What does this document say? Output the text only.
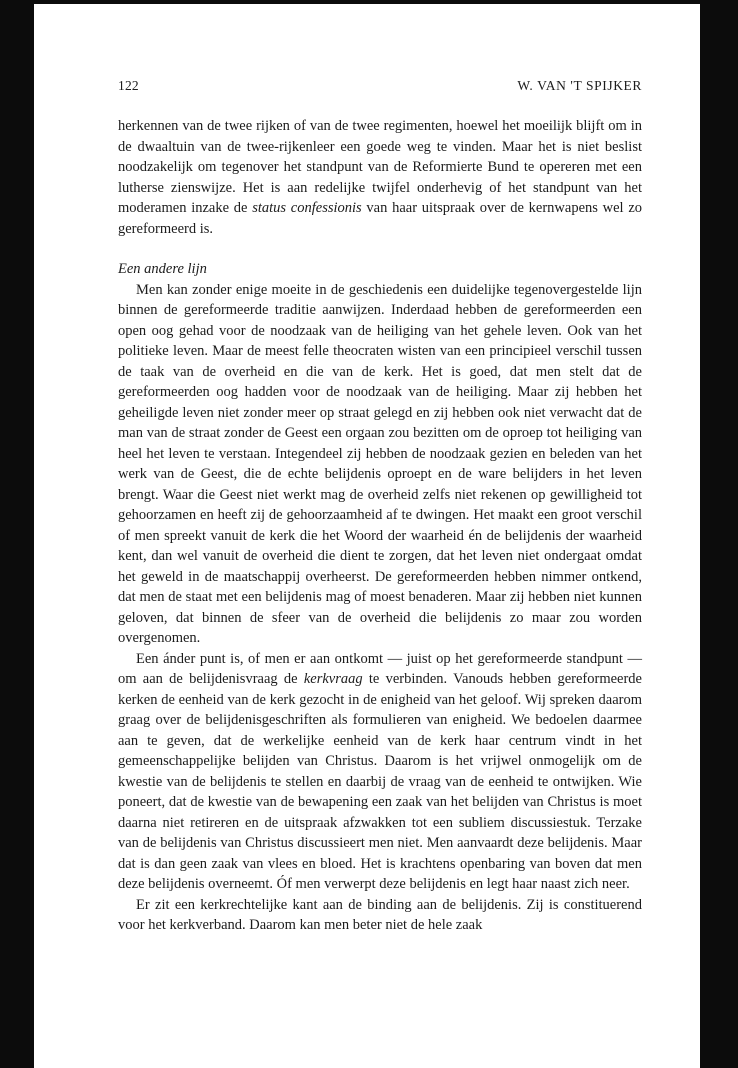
122	W. VAN 'T SPIJKER

herkennen van de twee rijken of van de twee regimenten, hoewel het moeilijk blijft om in de dwaaltuin van de twee-rijkenleer een goede weg te vinden. Maar het is niet beslist noodzakelijk om tegenover het standpunt van de Reformierte Bund te opereren met een lutherse zienswijze. Het is aan redelijke twijfel onderhevig of het standpunt van het moderamen inzake de status confessionis van haar uitspraak over de kernwapens wel zo gereformeerd is.

Een andere lijn

Men kan zonder enige moeite in de geschiedenis een duidelijke tegenovergestelde lijn binnen de gereformeerde traditie aanwijzen. Inderdaad hebben de gereformeerden een open oog gehad voor de noodzaak van de heiliging van het gehele leven. Ook van het politieke leven. Maar de meest felle theocraten wisten van een principieel verschil tussen de taak van de overheid en die van de kerk. Het is goed, dat men stelt dat de gereformeerden oog hadden voor de noodzaak van de heiliging. Maar zij hebben het geheiligde leven niet zonder meer op straat gelegd en zij hebben ook niet verwacht dat de man van de straat zonder de Geest een orgaan zou bezitten om de oproep tot heiliging van heel het leven te verstaan. Integendeel zij hebben de noodzaak gezien en beleden van het werk van de Geest, die de echte belijdenis oproept en de ware belijders in het leven brengt. Waar die Geest niet werkt mag de overheid zelfs niet rekenen op gewilligheid tot gehoorzamen en heeft zij de gehoorzaamheid af te dwingen. Het maakt een groot verschil of men spreekt vanuit de kerk die het Woord der waarheid én de belijdenis der waarheid kent, dan wel vanuit de overheid die dient te zorgen, dat het leven niet ondergaat omdat het geweld in de maatschappij overheerst. De gereformeerden hebben nimmer ontkend, dat men de staat met een belijdenis mag of moest benaderen. Maar zij hebben niet kunnen geloven, dat binnen de sfeer van de overheid die belijdenis zo maar zou worden overgenomen.

Een ánder punt is, of men er aan ontkomt — juist op het gereformeerde standpunt — om aan de belijdenisvraag de kerkvraag te verbinden. Vanouds hebben gereformeerde kerken de eenheid van de kerk gezocht in de enigheid van het geloof. Wij spreken daarom graag over de belijdenisgeschriften als formulieren van enigheid. We bedoelen daarmee aan te geven, dat de werkelijke eenheid van de kerk haar centrum vindt in het gemeenschappelijke belijden van Christus. Daarom is het vrijwel onmogelijk om de kwestie van de belijdenis te stellen en daarbij de vraag van de eenheid te ontwijken. Wie poneert, dat de kwestie van de bewapening een zaak van het belijden van Christus is moet daarna niet retireren en de uitspraak afzwakken tot een subliem discussiestuk. Terzake van de belijdenis van Christus discussieert men niet. Men aanvaardt deze belijdenis. Maar dat is dan geen zaak van vlees en bloed. Het is krachtens openbaring van boven dat men deze belijdenis overneemt. Óf men verwerpt deze belijdenis en legt haar naast zich neer.

Er zit een kerkrechtelijke kant aan de binding aan de belijdenis. Zij is constituerend voor het kerkverband. Daarom kan men beter niet de hele zaak
